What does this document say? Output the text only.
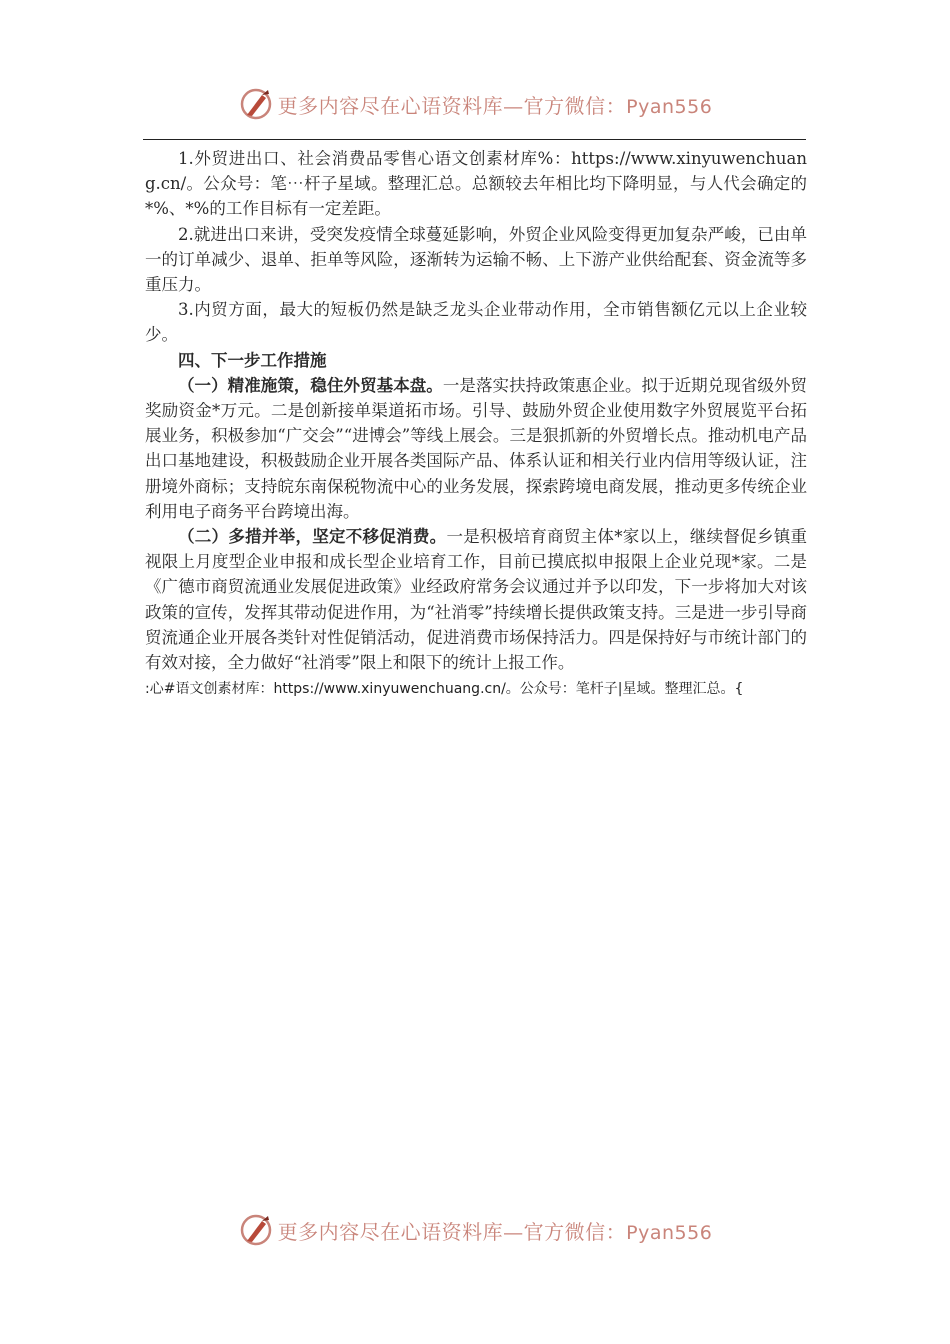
更多内容尽在心语资料库—官方微信：Pyan556

1.外贸进出口、社会消费品零售心语文创素材库%：https://www.xinyuwenchuang.cn/。公众号：笔⋯杆子星域。整理汇总。总额较去年相比均下降明显，与人代会确定的*%、*%的工作目标有一定差距。

2.就进出口来讲，受突发疫情全球蔓延影响，外贸企业风险变得更加复杂严峻，已由单一的订单减少、退单、拒单等风险，逐渐转为运输不畅、上下游产业供给配套、资金流等多重压力。

3.内贸方面，最大的短板仍然是缺乏龙头企业带动作用，全市销售额亿元以上企业较少。

四、下一步工作措施

（一）精准施策，稳住外贸基本盘。一是落实扶持政策惠企业。拟于近期兑现省级外贸奖励资金*万元。二是创新接单渠道拓市场。引导、鼓励外贸企业使用数字外贸展览平台拓展业务，积极参加“广交会”“进博会”等线上展会。三是狠抓新的外贸增长点。推动机电产品出口基地建设，积极鼓励企业开展各类国际产品、体系认证和相关行业内信用等级认证，注册境外商标；支持皖东南保税物流中心的业务发展，探索跨境电商发展，推动更多传统企业利用电子商务平台跨境出海。

（二）多措并举，坚定不移促消费。一是积极培育商贸主体*家以上，继续督促乡镇重视限上月度型企业申报和成长型企业培育工作，目前已摸底拟申报限上企业兑现*家。二是《广德市商贸流通业发展促进政策》业经政府常务会议通过并予以印发，下一步将加大对该政策的宣传，发挥其带动促进作用，为“社消零”持续增长提供政策支持。三是进一步引导商贸流通企业开展各类针对性促销活动，促进消费市场保持活力。四是保持好与市统计部门的有效对接，全力做好“社消零”限上和限下的统计上报工作。

:心#语文创素材库：https://www.xinyuwenchuang.cn/。公众号：笔杆子|星域。整理汇总。{

更多内容尽在心语资料库—官方微信：Pyan556
